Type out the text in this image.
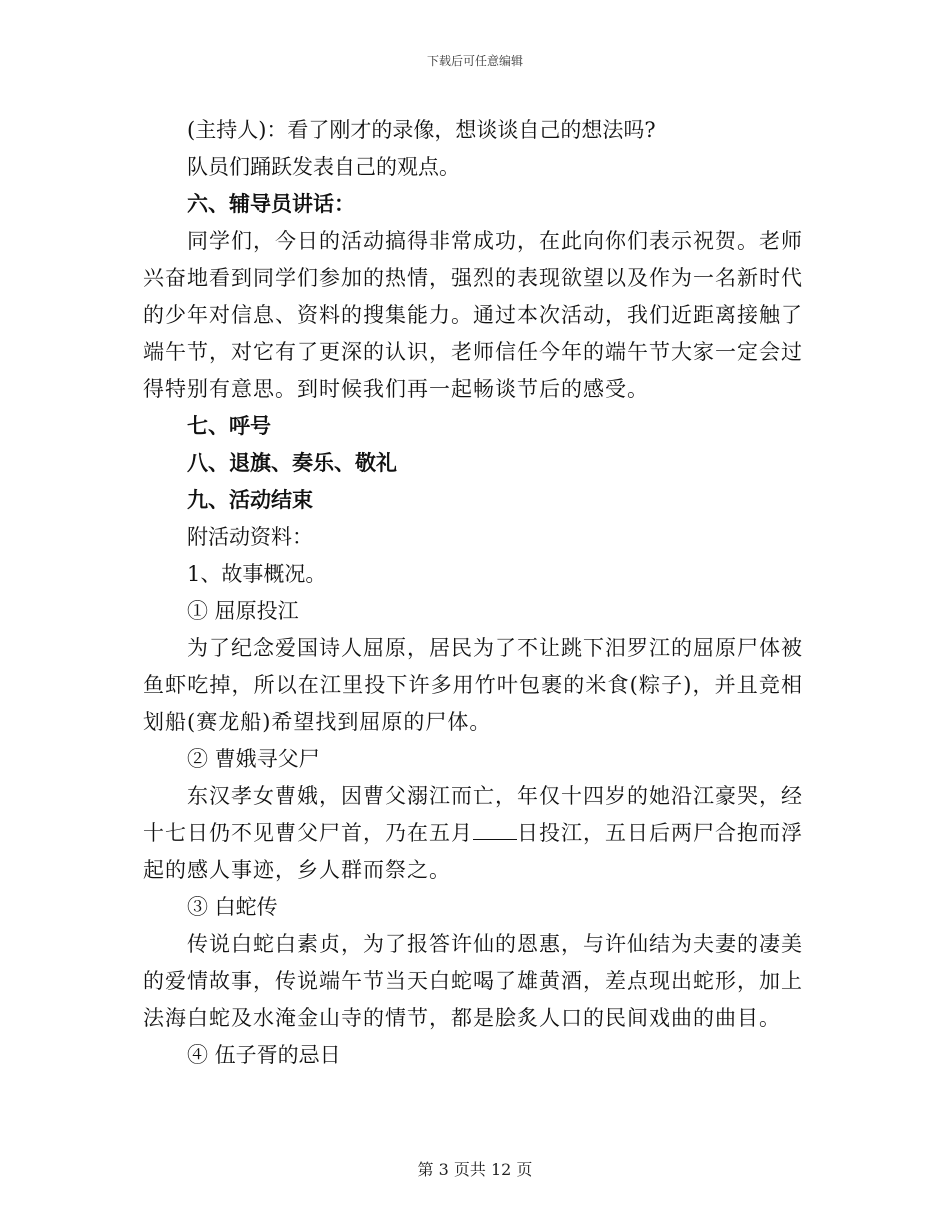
下载后可任意编辑

(主持人)：看了刚才的录像，想谈谈自己的想法吗?

队员们踊跃发表自己的观点。

六、辅导员讲话：

同学们，今日的活动搞得非常成功，在此向你们表示祝贺。老师兴奋地看到同学们参加的热情，强烈的表现欲望以及作为一名新时代的少年对信息、资料的搜集能力。通过本次活动，我们近距离接触了端午节，对它有了更深的认识，老师信任今年的端午节大家一定会过得特别有意思。到时候我们再一起畅谈节后的感受。

七、呼号

八、退旗、奏乐、敬礼

九、活动结束

附活动资料：

1、故事概况。

① 屈原投江

为了纪念爱国诗人屈原，居民为了不让跳下汨罗江的屈原尸体被鱼虾吃掉，所以在江里投下许多用竹叶包裹的米食(粽子)，并且竞相划船(赛龙船)希望找到屈原的尸体。

② 曹娥寻父尸

东汉孝女曹娥，因曹父溺江而亡，年仅十四岁的她沿江豪哭，经十七日仍不见曹父尸首，乃在五月 日投江，五日后两尸合抱而浮起的感人事迹，乡人群而祭之。

③ 白蛇传

传说白蛇白素贞，为了报答许仙的恩惠，与许仙结为夫妻的凄美的爱情故事，传说端午节当天白蛇喝了雄黄酒，差点现出蛇形，加上法海白蛇及水淹金山寺的情节，都是脍炙人口的民间戏曲的曲目。

④ 伍子胥的忌日

第 3 页共 12 页
